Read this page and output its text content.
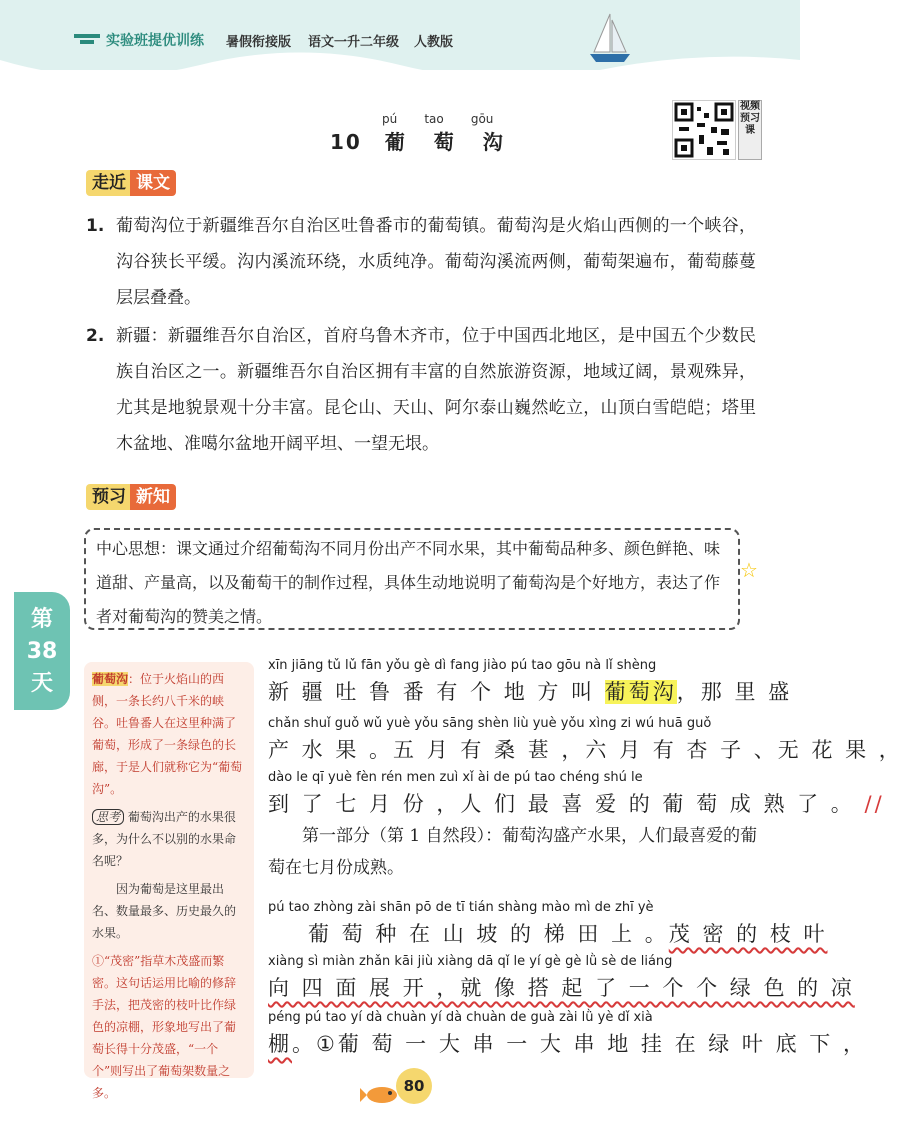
实验班提优训练 暑假衔接版 语文一升二年级 人教版
pú tao gōu
10 葡 萄 沟
视频预习课
走近 课文
1. 葡萄沟位于新疆维吾尔自治区吐鲁番市的葡萄镇。葡萄沟是火焰山西侧的一个峡谷，沟谷狭长平缓。沟内溪流环绕，水质纯净。葡萄沟溪流两侧，葡萄架遍布，葡萄藤蔓层层叠叠。
2. 新疆：新疆维吾尔自治区，首府乌鲁木齐市，位于中国西北地区，是中国五个少数民族自治区之一。新疆维吾尔自治区拥有丰富的自然旅游资源，地域辽阔，景观殊异，尤其是地貌景观十分丰富。昆仑山、天山、阿尔泰山巍然屹立，山顶白雪皑皑；塔里木盆地、准噶尔盆地开阔平坦、一望无垠。
预习 新知
中心思想：课文通过介绍葡萄沟不同月份出产不同水果，其中葡萄品种多、颜色鲜艳、味道甜、产量高，以及葡萄干的制作过程，具体生动地说明了葡萄沟是个好地方，表达了作者对葡萄沟的赞美之情。
☆
第
38
天	葡萄沟：位于火焰山的西侧，一条长约八千米的峡谷。吐鲁番人在这里种满了葡萄，形成了一条绿色的长廊，于是人们就称它为“葡萄沟”。

思考 葡萄沟出产的水果很多，为什么不以别的水果命名呢？

因为葡萄是这里最出名、数量最多、历史最久的水果。

①“茂密”指草木茂盛而繁密。这句话运用比喻的修辞手法，把茂密的枝叶比作绿色的凉棚，形象地写出了葡萄长得十分茂盛，“一个个”则写出了葡萄架数量之多。

xīn jiāng tǔ lǔ fān yǒu gè dì fang jiào pú tao gōu nà lǐ shèng
新 疆 吐 鲁 番 有 个 地 方 叫 葡萄沟，那 里 盛
chǎn shuǐ guǒ wǔ yuè yǒu sāng shèn liù yuè yǒu xìng zi wú huā guǒ
产 水 果 。五 月 有 桑 葚 ，六 月 有 杏 子 、无 花 果 ，
dào le qī yuè fèn rén men zuì xǐ ài de pú tao chéng shú le
到 了 七 月 份 ，人 们 最 喜 爱 的 葡 萄 成 熟 了 。 //
第一部分（第 1 自然段）：葡萄沟盛产水果，人们最喜爱的葡萄在七月份成熟。
pú tao zhòng zài shān pō de tī tián shàng mào mì de zhī yè
葡 萄 种 在 山 坡 的 梯 田 上 。茂 密 的 枝 叶
xiàng sì miàn zhǎn kāi jiù xiàng dā qǐ le yí gè gè lǜ sè de liáng
向 四 面 展 开 ，就 像 搭 起 了 一 个 个 绿 色 的 凉
péng pú tao yí dà chuàn yí dà chuàn de guà zài lǜ yè dǐ xià
棚。①葡 萄 一 大 串 一 大 串 地 挂 在 绿 叶 底 下 ，
80
